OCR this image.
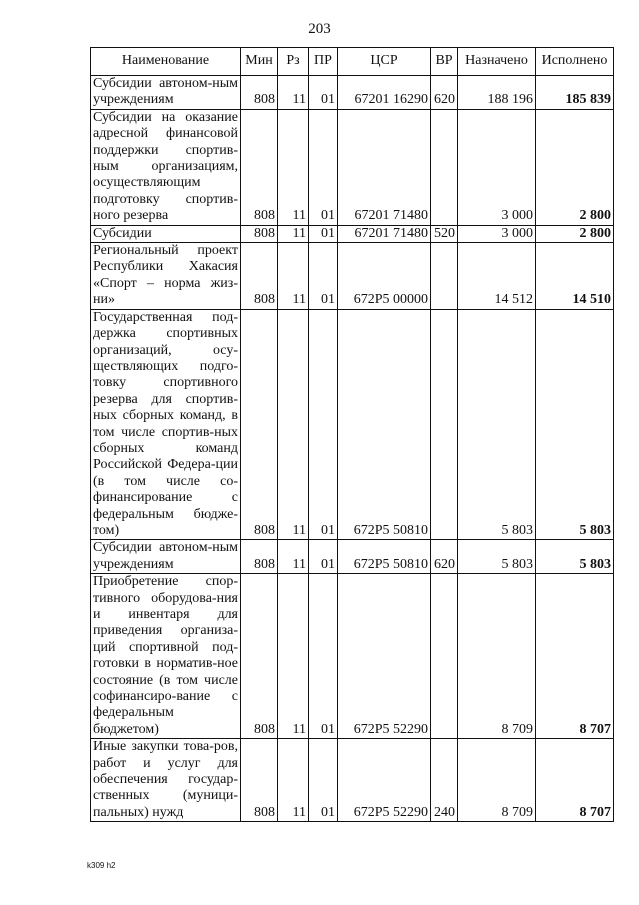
203
Наименование	Мин	Рз	ПР	ЦСР	ВР	Назначено	Исполнено
Субсидии автоном-ным учреждениям	808	11	01	67201 16290	620	188 196	185 839
Субсидии на оказание адресной финансовой поддержки спортив-ным организациям, осуществляющим подготовку спортив-ного резерва	808	11	01	67201 71480		3 000	2 800
Субсидии	808	11	01	67201 71480	520	3 000	2 800
Региональный проект Республики Хакасия «Спорт – норма жиз-ни»	808	11	01	672P5 00000		14 512	14 510
Государственная под-держка спортивных организаций, осу-ществляющих подго-товку спортивного резерва для спортив-ных сборных команд, в том числе спортив-ных сборных команд Российской Федера-ции (в том числе со-финансирование с федеральным бюдже-том)	808	11	01	672P5 50810		5 803	5 803
Субсидии автоном-ным учреждениям	808	11	01	672P5 50810	620	5 803	5 803
Приобретение спор-тивного оборудова-ния и инвентаря для приведения организа-ций спортивной под-готовки в норматив-ное состояние (в том числе софинансиро-вание с федеральным бюджетом)	808	11	01	672P5 52290		8 709	8 707
Иные закупки това-ров, работ и услуг для обеспечения государ-ственных (муници-пальных) нужд	808	11	01	672P5 52290	240	8 709	8 707
k309 h2
